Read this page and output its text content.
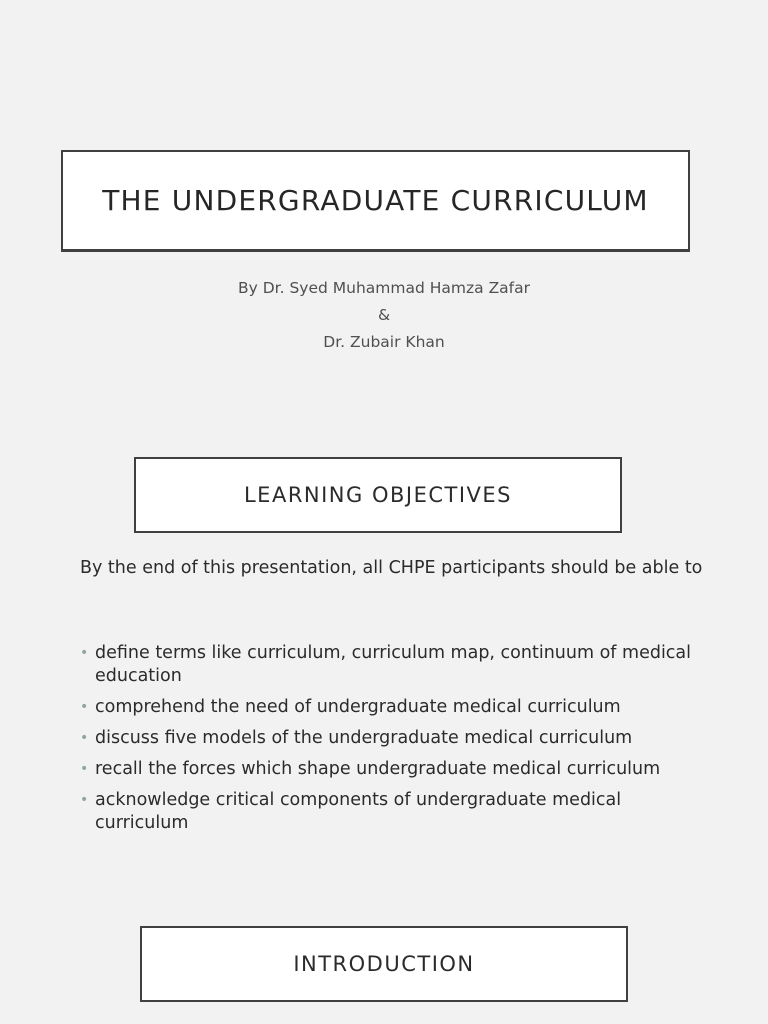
THE UNDERGRADUATE CURRICULUM
By Dr. Syed Muhammad Hamza Zafar
&
Dr. Zubair Khan
LEARNING OBJECTIVES
By the end of this presentation, all CHPE participants should be able to
• define terms like curriculum, curriculum map, continuum of medical education
• comprehend the need of undergraduate medical curriculum
• discuss five models of the undergraduate medical curriculum
• recall the forces which shape undergraduate medical curriculum
• acknowledge critical components of undergraduate medical curriculum
INTRODUCTION
